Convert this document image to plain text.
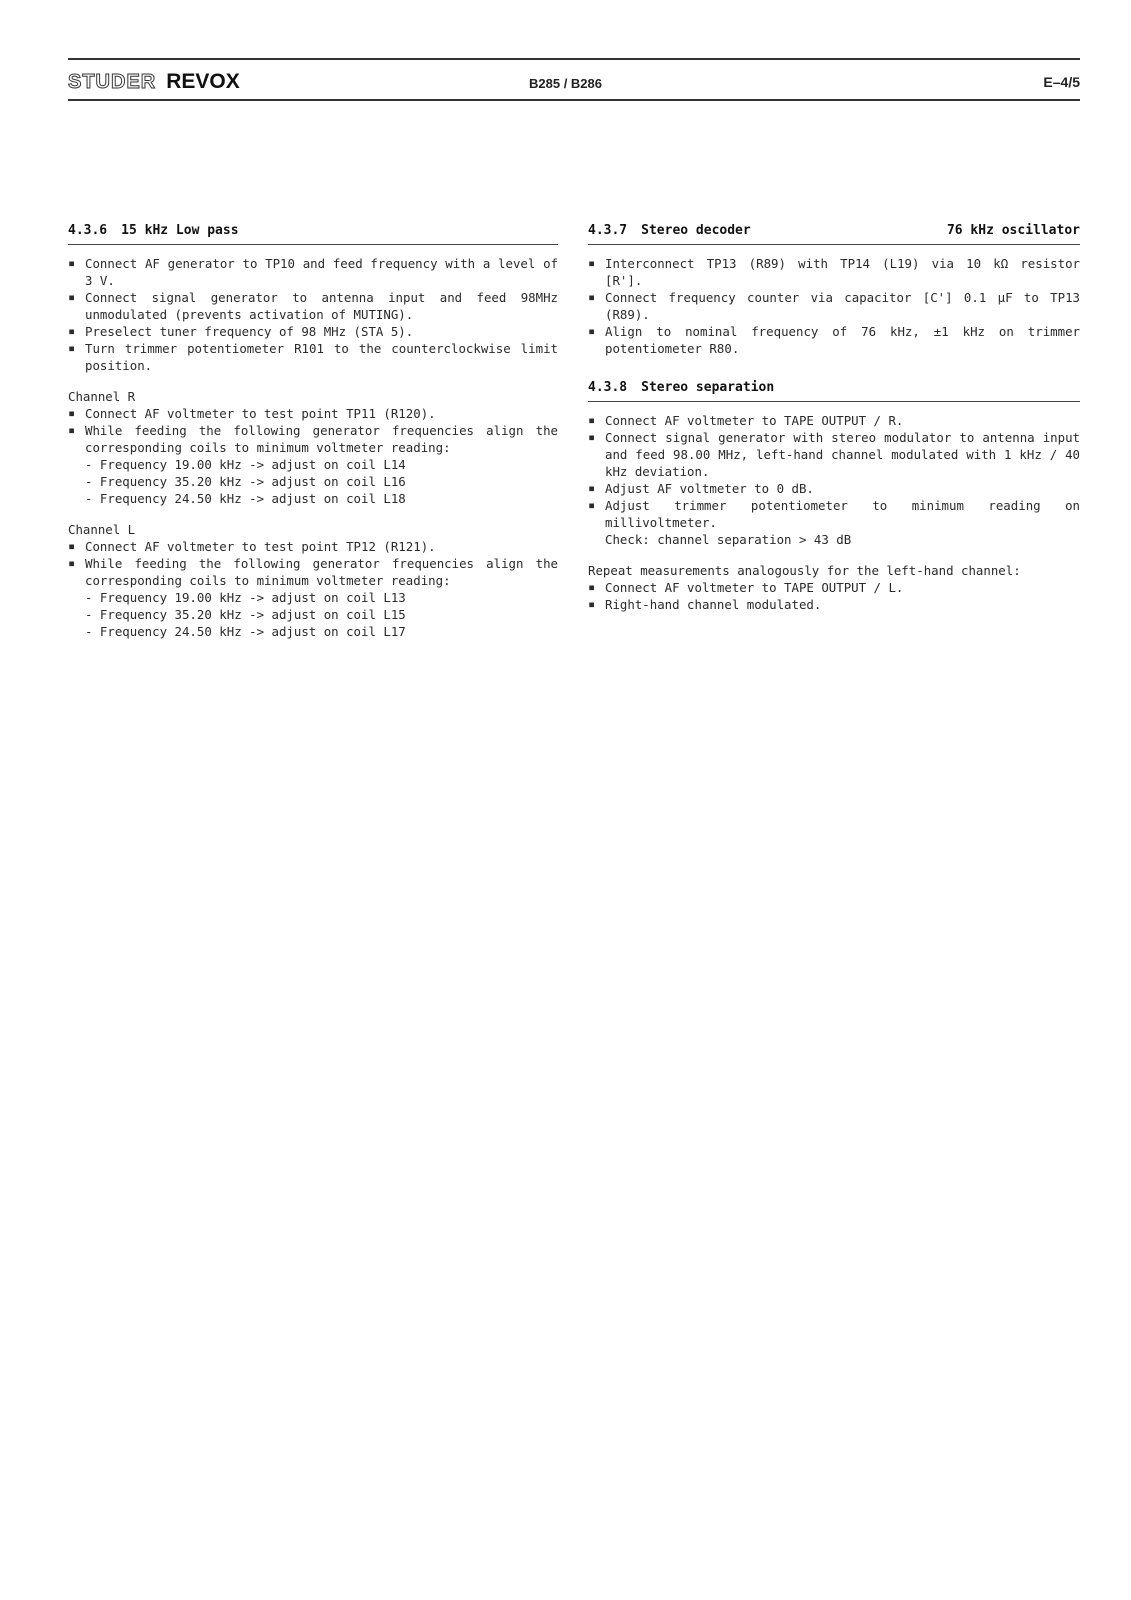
STUDER REVOX	B285 / B286	E–4/5
4.3.6 15 kHz Low pass
▪ Connect AF generator to TP10 and feed frequency with a level of 3 V.
▪ Connect signal generator to antenna input and feed 98MHz unmodulated (prevents activation of MUTING).
▪ Preselect tuner frequency of 98 MHz (STA 5).
▪ Turn trimmer potentiometer R101 to the counterclockwise limit position.
Channel R
▪ Connect AF voltmeter to test point TP11 (R120).
▪ While feeding the following generator frequencies align the corresponding coils to minimum voltmeter reading:
- Frequency 19.00 kHz -> adjust on coil L14
- Frequency 35.20 kHz -> adjust on coil L16
- Frequency 24.50 kHz -> adjust on coil L18
Channel L
▪ Connect AF voltmeter to test point TP12 (R121).
▪ While feeding the following generator frequencies align the corresponding coils to minimum voltmeter reading:
- Frequency 19.00 kHz -> adjust on coil L13
- Frequency 35.20 kHz -> adjust on coil L15
- Frequency 24.50 kHz -> adjust on coil L17
4.3.7 Stereo decoder	76 kHz oscillator
▪ Interconnect TP13 (R89) with TP14 (L19) via 10 kΩ resistor [R'].
▪ Connect frequency counter via capacitor [C'] 0.1 µF to TP13 (R89).
▪ Align to nominal frequency of 76 kHz, ±1 kHz on trimmer potentiometer R80.
4.3.8 Stereo separation
▪ Connect AF voltmeter to TAPE OUTPUT / R.
▪ Connect signal generator with stereo modulator to antenna input and feed 98.00 MHz, left-hand channel modulated with 1 kHz / 40 kHz deviation.
▪ Adjust AF voltmeter to 0 dB.
▪ Adjust trimmer potentiometer to minimum reading on millivoltmeter.
Check: channel separation > 43 dB
Repeat measurements analogously for the left-hand channel:
▪ Connect AF voltmeter to TAPE OUTPUT / L.
▪ Right-hand channel modulated.
